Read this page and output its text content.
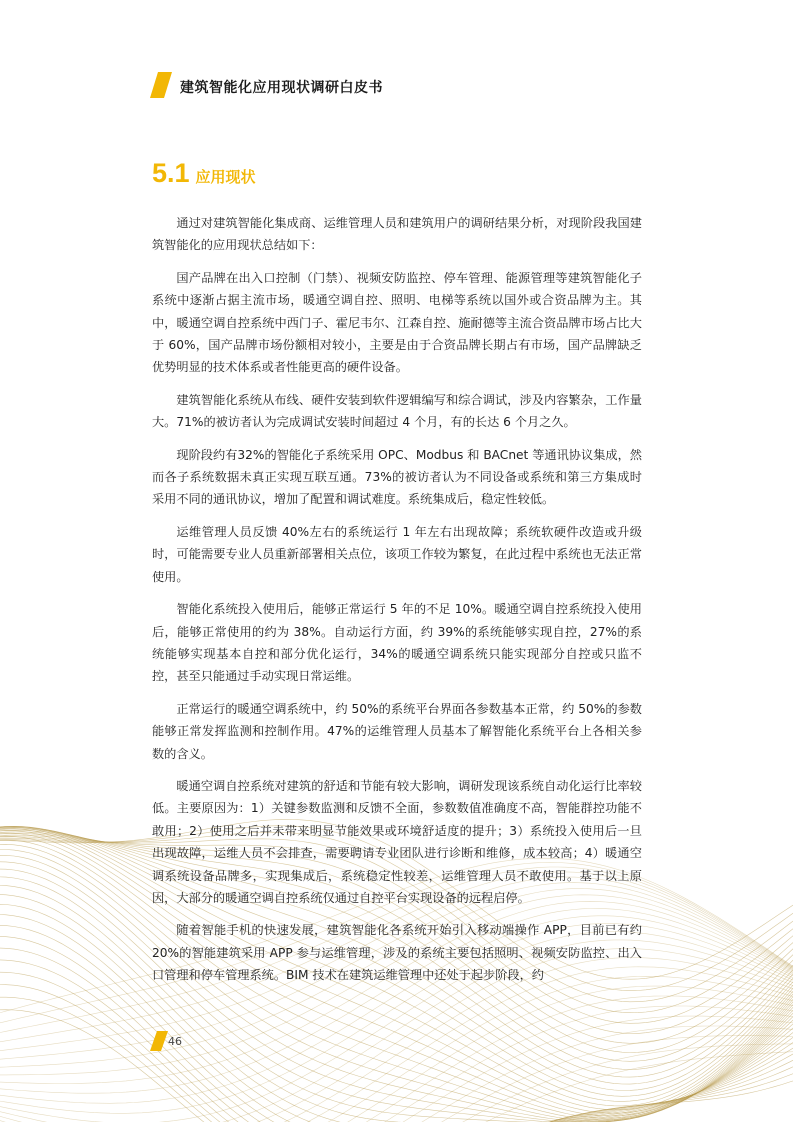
建筑智能化应用现状调研白皮书
5.1 应用现状

通过对建筑智能化集成商、运维管理人员和建筑用户的调研结果分析，对现阶段我国建筑智能化的应用现状总结如下：

国产品牌在出入口控制（门禁）、视频安防监控、停车管理、能源管理等建筑智能化子系统中逐渐占据主流市场，暖通空调自控、照明、电梯等系统以国外或合资品牌为主。其中，暖通空调自控系统中西门子、霍尼韦尔、江森自控、施耐德等主流合资品牌市场占比大于 60%，国产品牌市场份额相对较小，主要是由于合资品牌长期占有市场，国产品牌缺乏优势明显的技术体系或者性能更高的硬件设备。

建筑智能化系统从布线、硬件安装到软件逻辑编写和综合调试，涉及内容繁杂，工作量大。71%的被访者认为完成调试安装时间超过 4 个月，有的长达 6 个月之久。

现阶段约有32%的智能化子系统采用 OPC、Modbus 和 BACnet 等通讯协议集成，然而各子系统数据未真正实现互联互通。73%的被访者认为不同设备或系统和第三方集成时采用不同的通讯协议，增加了配置和调试难度。系统集成后，稳定性较低。

运维管理人员反馈 40%左右的系统运行 1 年左右出现故障；系统软硬件改造或升级时，可能需要专业人员重新部署相关点位，该项工作较为繁复，在此过程中系统也无法正常使用。

智能化系统投入使用后，能够正常运行 5 年的不足 10%。暖通空调自控系统投入使用后，能够正常使用的约为 38%。自动运行方面，约 39%的系统能够实现自控，27%的系统能够实现基本自控和部分优化运行，34%的暖通空调系统只能实现部分自控或只监不控，甚至只能通过手动实现日常运维。

正常运行的暖通空调系统中，约 50%的系统平台界面各参数基本正常，约 50%的参数能够正常发挥监测和控制作用。47%的运维管理人员基本了解智能化系统平台上各相关参数的含义。

暖通空调自控系统对建筑的舒适和节能有较大影响，调研发现该系统自动化运行比率较低。主要原因为：1）关键参数监测和反馈不全面，参数数值准确度不高，智能群控功能不敢用；2）使用之后并未带来明显节能效果或环境舒适度的提升；3）系统投入使用后一旦出现故障，运维人员不会排查，需要聘请专业团队进行诊断和维修，成本较高；4）暖通空调系统设备品牌多，实现集成后，系统稳定性较差，运维管理人员不敢使用。基于以上原因，大部分的暖通空调自控系统仅通过自控平台实现设备的远程启停。

随着智能手机的快速发展，建筑智能化各系统开始引入移动端操作 APP，目前已有约 20%的智能建筑采用 APP 参与运维管理，涉及的系统主要包括照明、视频安防监控、出入口管理和停车管理系统。BIM 技术在建筑运维管理中还处于起步阶段，约

46
